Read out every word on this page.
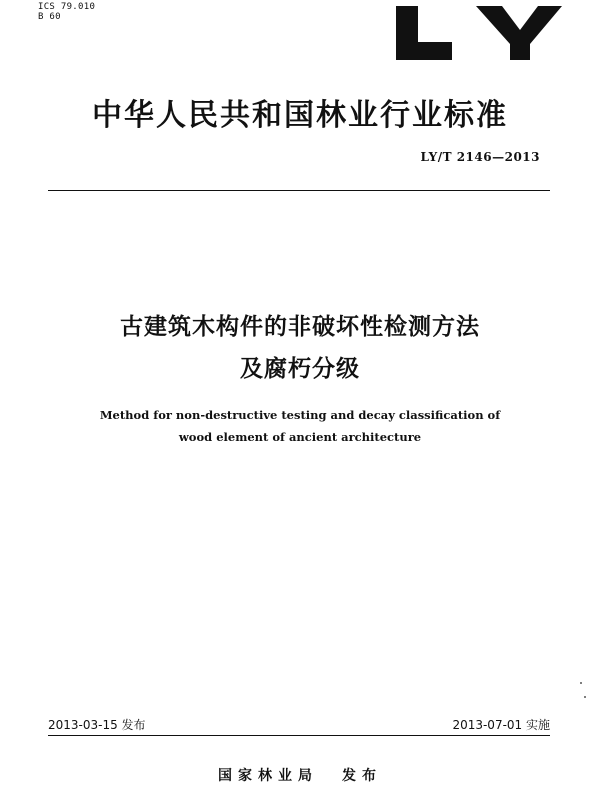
ICS 79.010
B 60
LY
中华人民共和国林业行业标准
LY/T 2146—2013
古建筑木构件的非破坏性检测方法
及腐朽分级
Method for non-destructive testing and decay classification of
wood element of ancient architecture
2013-03-15 发布	2013-07-01 实施
国家林业局 发布
